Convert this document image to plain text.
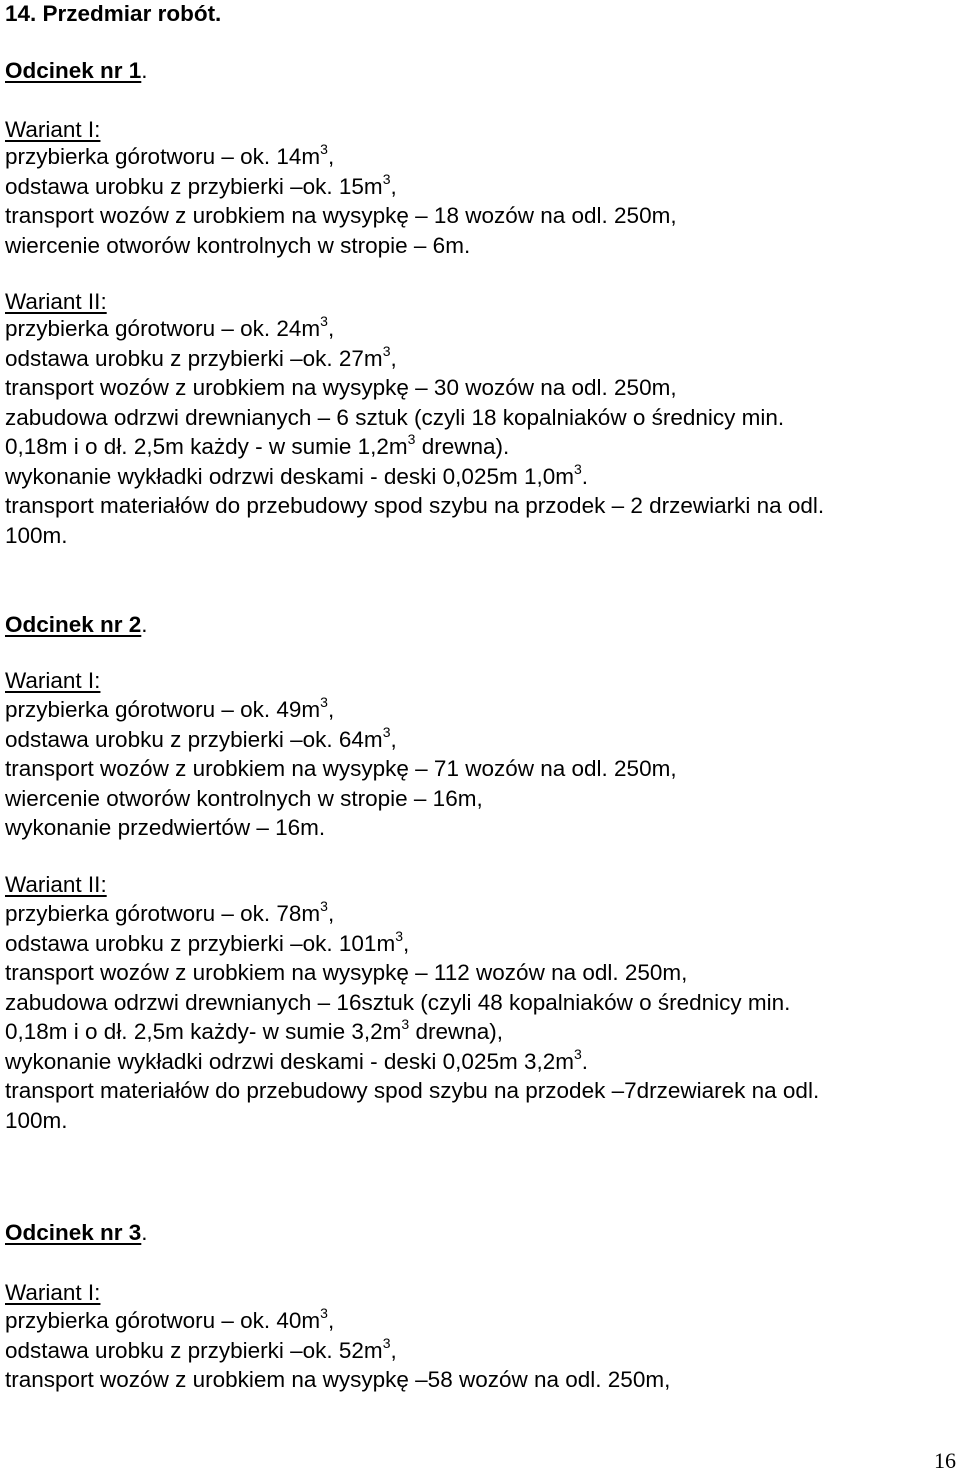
14. Przedmiar robót.
Odcinek nr 1.
Wariant I:
Wariant II:
Odcinek nr 2.
Wariant I:
Wariant II:
Odcinek nr 3.
Wariant I:
16
przybierka górotworu – ok. $14m^3$,
odstawa urobku z przybierki –ok. $15m^3$,
transport wozów z urobkiem na wysypkę – 18 wozów na odl. 250m,
wiercenie otworów kontrolnych w stropie – 6m.
przybierka górotworu – ok. $24m^3$,
odstawa urobku z przybierki –ok. $27m^3$,
transport wozów z urobkiem na wysypkę – 30 wozów na odl. 250m,
zabudowa odrzwi drewnianych – 6 sztuk (czyli 18 kopalniaków o średnicy min.
0,18m i o dł. 2,5m każdy - w sumie $1,2m^3$ drewna).
wykonanie wykładki odrzwi deskami - deski 0,025m $1,0m^3$.
transport materiałów do przebudowy spod szybu na przodek – 2 drzewiarki na odl.
100m.
przybierka górotworu – ok. $49m^3$,
odstawa urobku z przybierki –ok. $64m^3$,
transport wozów z urobkiem na wysypkę – 71 wozów na odl. 250m,
wiercenie otworów kontrolnych w stropie – 16m,
wykonanie przedwiertów – 16m.
przybierka górotworu – ok. $78m^3$,
odstawa urobku z przybierki –ok. $101m^3$,
transport wozów z urobkiem na wysypkę – 112 wozów na odl. 250m,
zabudowa odrzwi drewnianych – 16sztuk (czyli 48 kopalniaków o średnicy min.
0,18m i o dł. 2,5m każdy- w sumie $3,2m^3$ drewna),
wykonanie wykładki odrzwi deskami - deski 0,025m $3,2m^3$.
transport materiałów do przebudowy spod szybu na przodek –7drzewiarek na odl.
100m.
przybierka górotworu – ok. $40m^3$,
odstawa urobku z przybierki –ok. $52m^3$,
transport wozów z urobkiem na wysypkę –58 wozów na odl. 250m,
